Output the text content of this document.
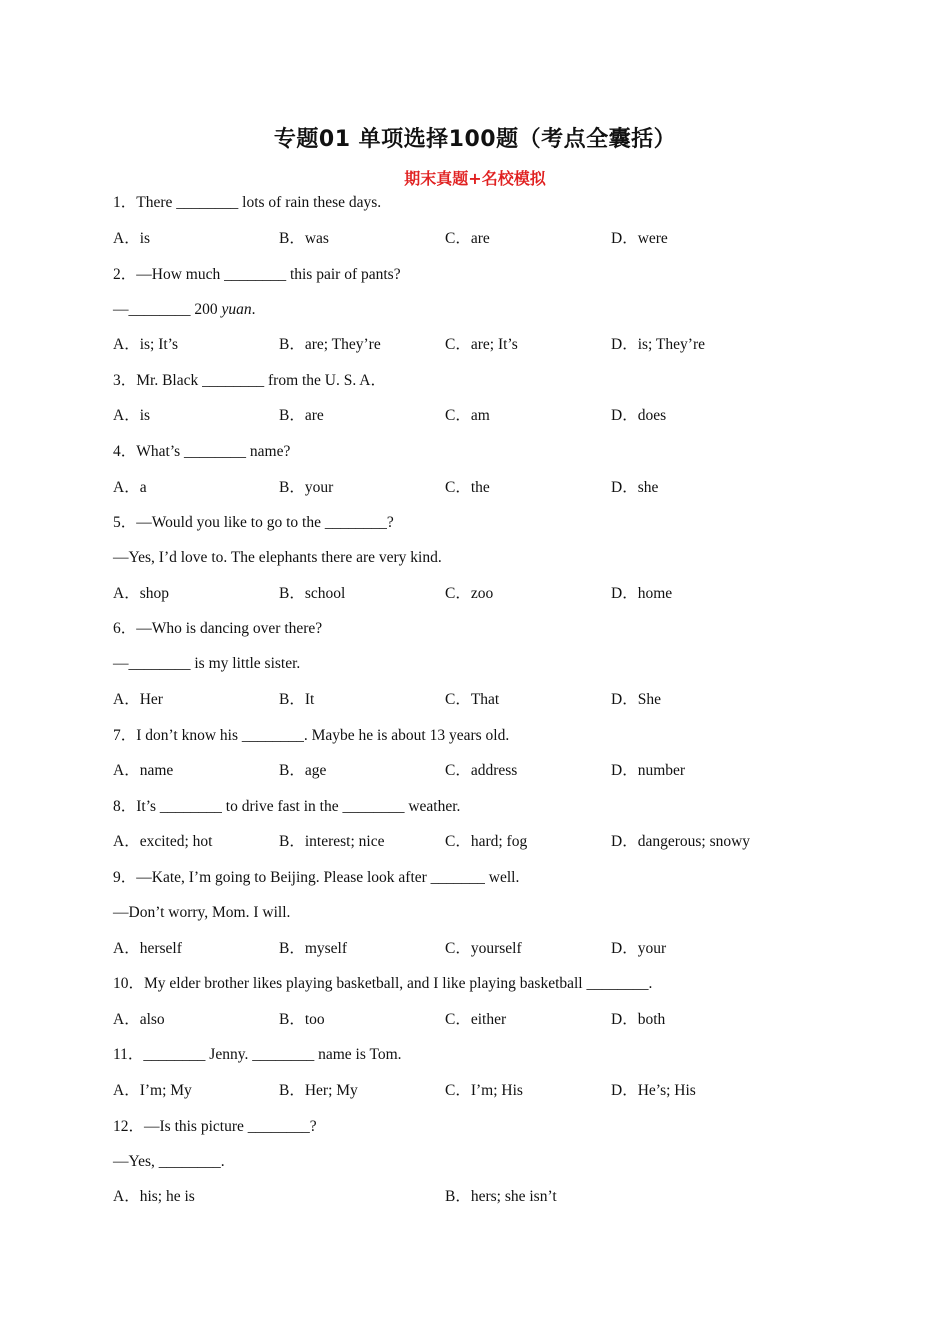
专题01 单项选择100题（考点全囊括）
期末真题+名校模拟
1．There ________ lots of rain these days.
A．is	B．was	C．are	D．were
2．—How much ________ this pair of pants?
—________ 200 yuan.
A．is; It’s	B．are; They’re	C．are; It’s	D．is; They’re
3．Mr. Black ________ from the U. S. A．
A．is	B．are	C．am	D．does
4．What’s ________ name?
A．a	B．your	C．the	D．she
5．—Would you like to go to the ________?
—Yes, I’d love to. The elephants there are very kind.
A．shop	B．school	C．zoo	D．home
6．—Who is dancing over there?
—________ is my little sister.
A．Her	B．It	C．That	D．She
7．I don’t know his ________. Maybe he is about 13 years old.
A．name	B．age	C．address	D．number
8．It’s ________ to drive fast in the ________ weather.
A．excited; hot	B．interest; nice	C．hard; fog	D．dangerous; snowy
9．—Kate, I’m going to Beijing. Please look after _______ well.
—Don’t worry, Mom. I will.
A．herself	B．myself	C．yourself	D．your
10．My elder brother likes playing basketball, and I like playing basketball ________.
A．also	B．too	C．either	D．both
11．________ Jenny. ________ name is Tom.
A．I’m; My	B．Her; My	C．I’m; His	D．He’s; His
12．—Is this picture ________?
—Yes, ________.
A．his; he is	B．hers; she isn’t
